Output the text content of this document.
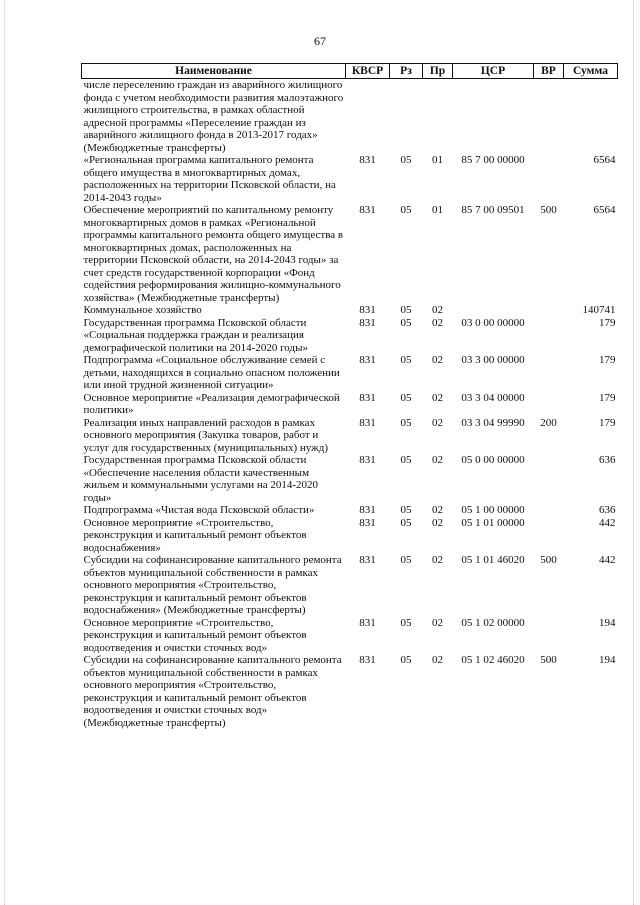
67
Наименование	КВСР	Рз	Пр	ЦСР	ВР	Сумма
числе переселению граждан из аварийного жилищного фонда с учетом необходимости развития малоэтажного жилищного строительства, в рамках областной адресной программы «Переселение граждан из аварийного жилищного фонда в 2013-2017 годах» (Межбюджетные трансферты)						
«Региональная программа капитального ремонта общего имущества в многоквартирных домах, расположенных на территории Псковской области, на 2014-2043 годы»	831	05	01	85 7 00 00000		6564
Обеспечение мероприятий по капитальному ремонту многоквартирных домов в рамках «Региональной программы капитального ремонта общего имущества в многоквартирных домах, расположенных на территории Псковской области, на 2014-2043 годы» за счет средств государственной корпорации «Фонд содействия реформирования жилищно-коммунального хозяйства» (Межбюджетные трансферты)	831	05	01	85 7 00 09501	500	6564
Коммунальное хозяйство	831	05	02			140741
Государственная программа Псковской области «Социальная поддержка граждан и реализация демографической политики на 2014-2020 годы»	831	05	02	03 0 00 00000		179
Подпрограмма «Социальное обслуживание семей с детьми, находящихся в социально опасном положении или иной трудной жизненной ситуации»	831	05	02	03 3 00 00000		179
Основное мероприятие «Реализация демографической политики»	831	05	02	03 3 04 00000		179
Реализация иных направлений расходов в рамках основного мероприятия (Закупка товаров, работ и услуг для государственных (муниципальных) нужд)	831	05	02	03 3 04 99990	200	179
Государственная программа Псковской области «Обеспечение населения области качественным жильем и коммунальными услугами на 2014-2020 годы»	831	05	02	05 0 00 00000		636
Подпрограмма «Чистая вода Псковской области»	831	05	02	05 1 00 00000		636
Основное мероприятие «Строительство, реконструкция и капитальный ремонт объектов водоснабжения»	831	05	02	05 1 01 00000		442
Субсидии на софинансирование капитального ремонта объектов муниципальной собственности в рамках основного мероприятия «Строительство, реконструкция и капитальный ремонт объектов водоснабжения» (Межбюджетные трансферты)	831	05	02	05 1 01 46020	500	442
Основное мероприятие «Строительство, реконструкция и капитальный ремонт объектов водоотведения и очистки сточных вод»	831	05	02	05 1 02 00000		194
Субсидии на софинансирование капитального ремонта объектов муниципальной собственности в рамках основного мероприятия «Строительство, реконструкция и капитальный ремонт объектов водоотведения и очистки сточных вод» (Межбюджетные трансферты)	831	05	02	05 1 02 46020	500	194
